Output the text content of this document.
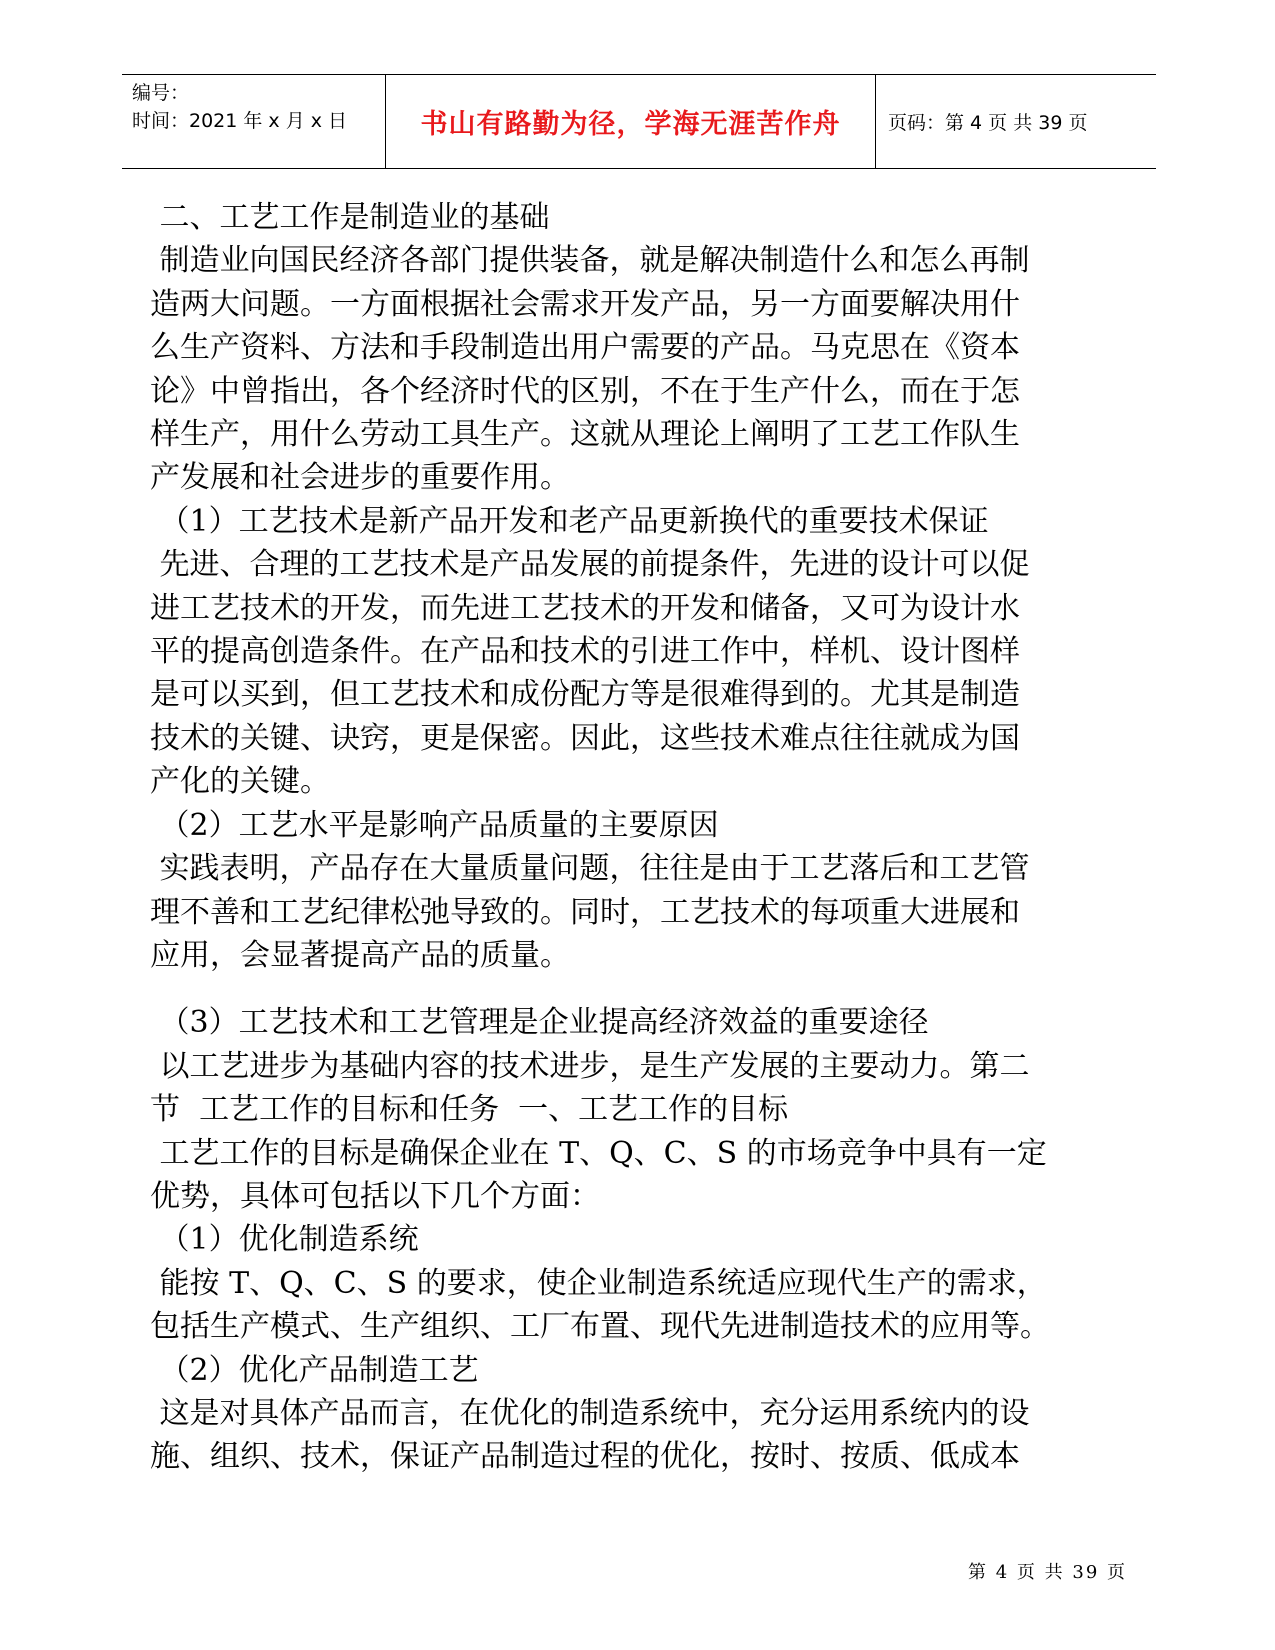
编号：
时间：2021 年 x 月 x 日	书山有路勤为径，学海无涯苦作舟	页码：第 4 页 共 39 页

二、工艺工作是制造业的基础

制造业向国民经济各部门提供装备，就是解决制造什么和怎么再制

造两大问题。一方面根据社会需求开发产品，另一方面要解决用什

么生产资料、方法和手段制造出用户需要的产品。马克思在《资本

论》中曾指出，各个经济时代的区别，不在于生产什么，而在于怎

样生产，用什么劳动工具生产。这就从理论上阐明了工艺工作队生

产发展和社会进步的重要作用。

（1）工艺技术是新产品开发和老产品更新换代的重要技术保证

先进、合理的工艺技术是产品发展的前提条件，先进的设计可以促

进工艺技术的开发，而先进工艺技术的开发和储备，又可为设计水

平的提高创造条件。在产品和技术的引进工作中，样机、设计图样

是可以买到，但工艺技术和成份配方等是很难得到的。尤其是制造

技术的关键、诀窍，更是保密。因此，这些技术难点往往就成为国

产化的关键。

（2）工艺水平是影响产品质量的主要原因

实践表明，产品存在大量质量问题，往往是由于工艺落后和工艺管

理不善和工艺纪律松弛导致的。同时，工艺技术的每项重大进展和

应用，会显著提高产品的质量。

（3）工艺技术和工艺管理是企业提高经济效益的重要途径

以工艺进步为基础内容的技术进步，是生产发展的主要动力。第二

节  工艺工作的目标和任务  一、工艺工作的目标

工艺工作的目标是确保企业在 T、Q、C、S 的市场竞争中具有一定

优势，具体可包括以下几个方面：

（1）优化制造系统

能按 T、Q、C、S 的要求，使企业制造系统适应现代生产的需求，

包括生产模式、生产组织、工厂布置、现代先进制造技术的应用等。

（2）优化产品制造工艺

这是对具体产品而言，在优化的制造系统中，充分运用系统内的设

施、组织、技术，保证产品制造过程的优化，按时、按质、低成本

第 4 页 共 39 页
